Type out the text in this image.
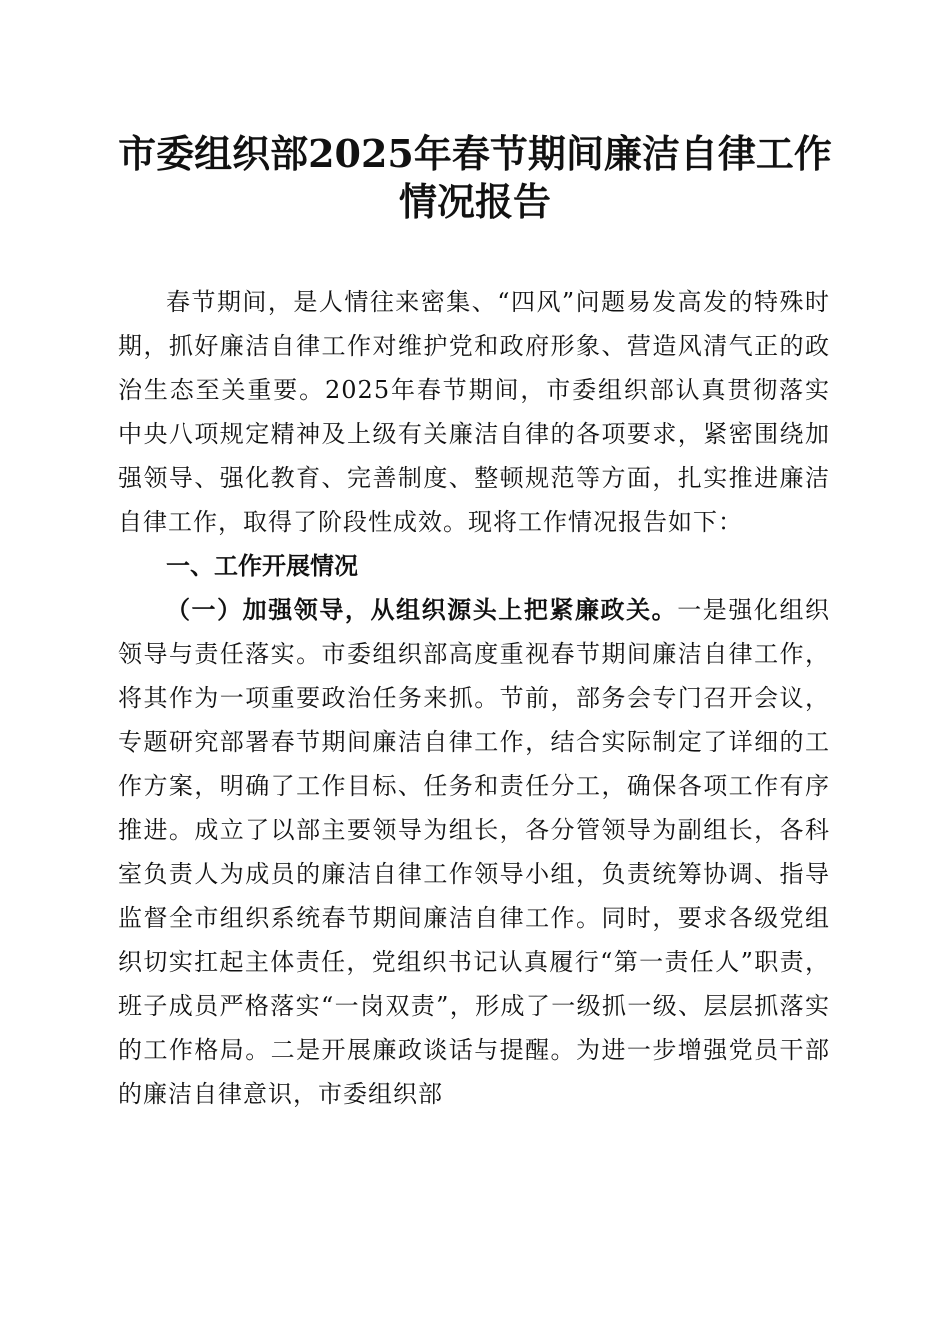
市委组织部2025年春节期间廉洁自律工作情况报告

春节期间，是人情往来密集、“四风”问题易发高发的特殊时期，抓好廉洁自律工作对维护党和政府形象、营造风清气正的政治生态至关重要。2025年春节期间，市委组织部认真贯彻落实中央八项规定精神及上级有关廉洁自律的各项要求，紧密围绕加强领导、强化教育、完善制度、整顿规范等方面，扎实推进廉洁自律工作，取得了阶段性成效。现将工作情况报告如下：

一、工作开展情况

（一）加强领导，从组织源头上把紧廉政关。一是强化组织领导与责任落实。市委组织部高度重视春节期间廉洁自律工作，将其作为一项重要政治任务来抓。节前，部务会专门召开会议，专题研究部署春节期间廉洁自律工作，结合实际制定了详细的工作方案，明确了工作目标、任务和责任分工，确保各项工作有序推进。成立了以部主要领导为组长，各分管领导为副组长，各科室负责人为成员的廉洁自律工作领导小组，负责统筹协调、指导监督全市组织系统春节期间廉洁自律工作。同时，要求各级党组织切实扛起主体责任，党组织书记认真履行“第一责任人”职责，班子成员严格落实“一岗双责”，形成了一级抓一级、层层抓落实的工作格局。二是开展廉政谈话与提醒。为进一步增强党员干部的廉洁自律意识，市委组织部
